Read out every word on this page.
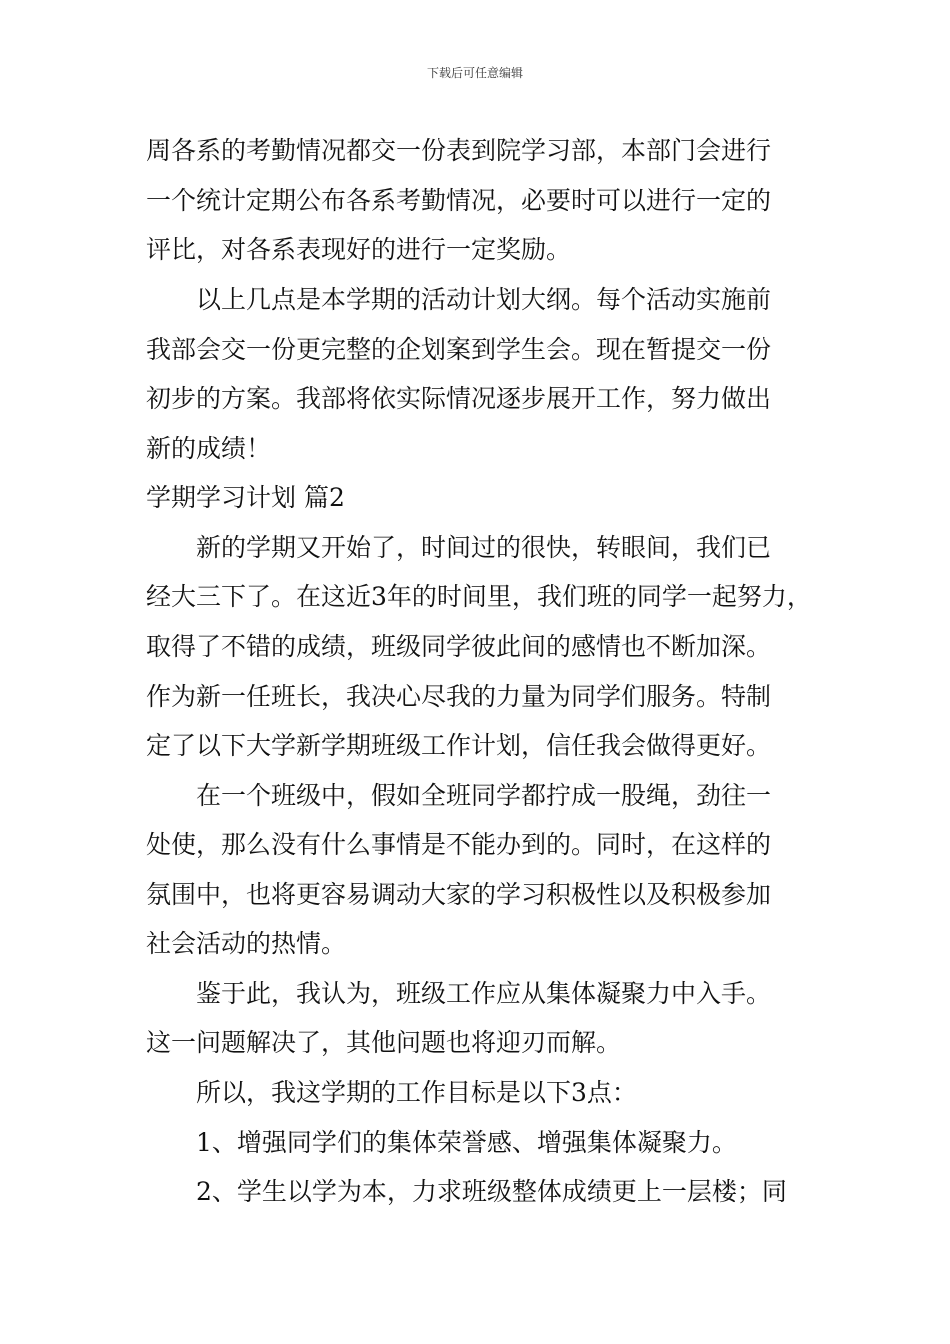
下载后可任意编辑
周各系的考勤情况都交一份表到院学习部，本部门会进行
一个统计定期公布各系考勤情况，必要时可以进行一定的
评比，对各系表现好的进行一定奖励。
以上几点是本学期的活动计划大纲。每个活动实施前
我部会交一份更完整的企划案到学生会。现在暂提交一份
初步的方案。我部将依实际情况逐步展开工作，努力做出
新的成绩！
学期学习计划 篇2
新的学期又开始了，时间过的很快，转眼间，我们已
经大三下了。在这近3年的时间里，我们班的同学一起努力，
取得了不错的成绩，班级同学彼此间的感情也不断加深。
作为新一任班长，我决心尽我的力量为同学们服务。特制
定了以下大学新学期班级工作计划，信任我会做得更好。
在一个班级中，假如全班同学都拧成一股绳，劲往一
处使，那么没有什么事情是不能办到的。同时，在这样的
氛围中，也将更容易调动大家的学习积极性以及积极参加
社会活动的热情。
鉴于此，我认为，班级工作应从集体凝聚力中入手。
这一问题解决了，其他问题也将迎刃而解。
所以，我这学期的工作目标是以下3点：
1、增强同学们的集体荣誉感、增强集体凝聚力。
2、学生以学为本，力求班级整体成绩更上一层楼；同
